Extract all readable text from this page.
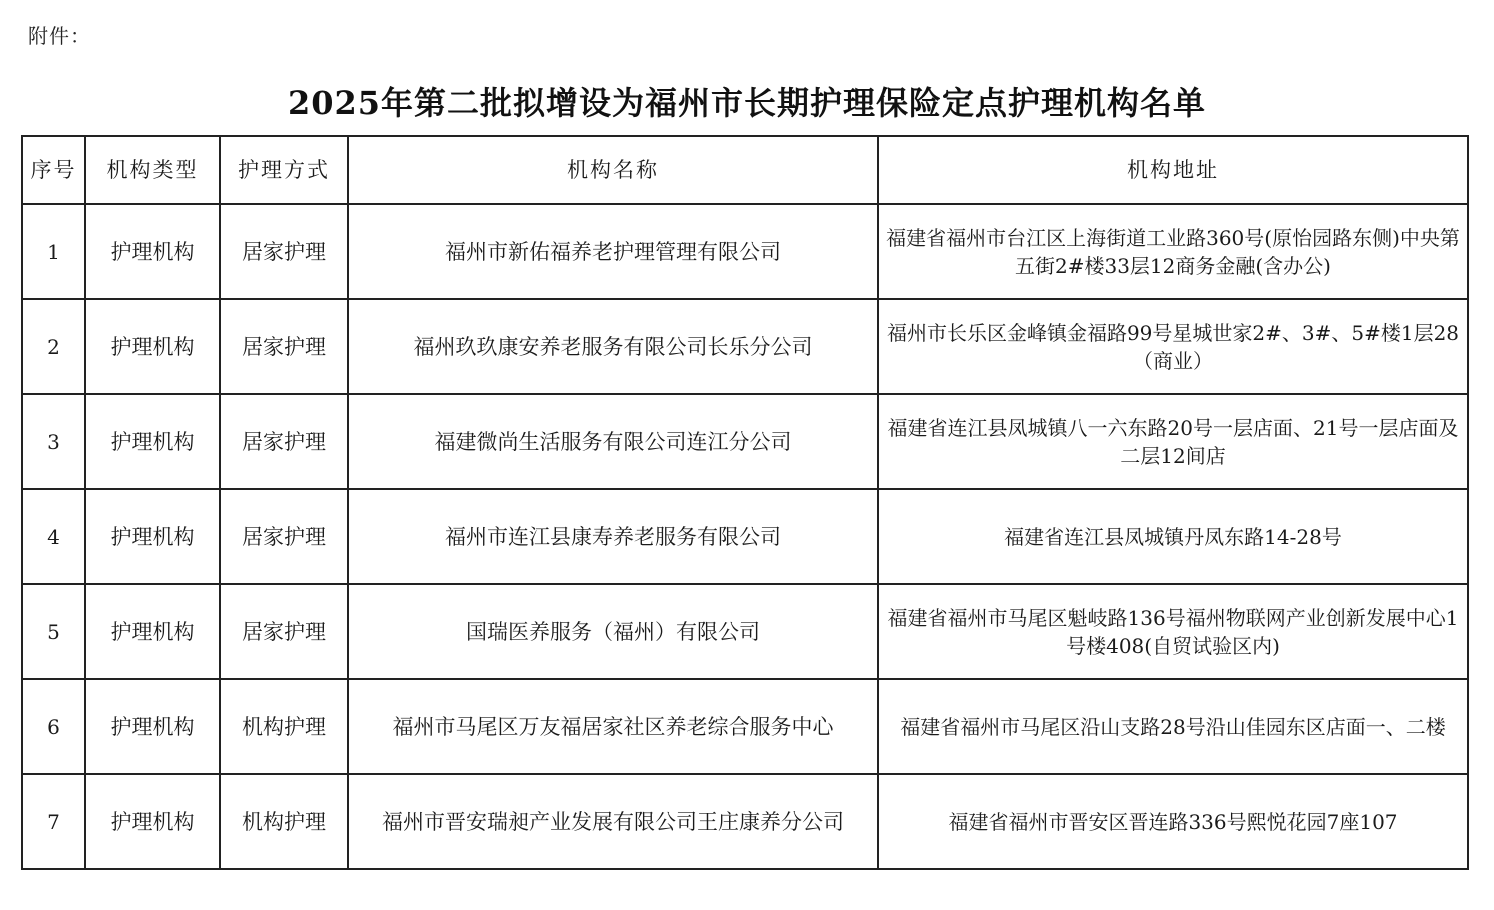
附件：
2025年第二批拟增设为福州市长期护理保险定点护理机构名单
序号	机构类型	护理方式	机构名称	机构地址
1	护理机构	居家护理	福州市新佑福养老护理管理有限公司	福建省福州市台江区上海街道工业路360号(原怡园路东侧)中央第五街2#楼33层12商务金融(含办公)
2	护理机构	居家护理	福州玖玖康安养老服务有限公司长乐分公司	福州市长乐区金峰镇金福路99号星城世家2#、3#、5#楼1层28（商业）
3	护理机构	居家护理	福建微尚生活服务有限公司连江分公司	福建省连江县凤城镇八一六东路20号一层店面、21号一层店面及二层12间店
4	护理机构	居家护理	福州市连江县康寿养老服务有限公司	福建省连江县凤城镇丹凤东路14-28号
5	护理机构	居家护理	国瑞医养服务（福州）有限公司	福建省福州市马尾区魁岐路136号福州物联网产业创新发展中心1号楼408(自贸试验区内)
6	护理机构	机构护理	福州市马尾区万友福居家社区养老综合服务中心	福建省福州市马尾区沿山支路28号沿山佳园东区店面一、二楼
7	护理机构	机构护理	福州市晋安瑞昶产业发展有限公司王庄康养分公司	福建省福州市晋安区晋连路336号熙悦花园7座107
